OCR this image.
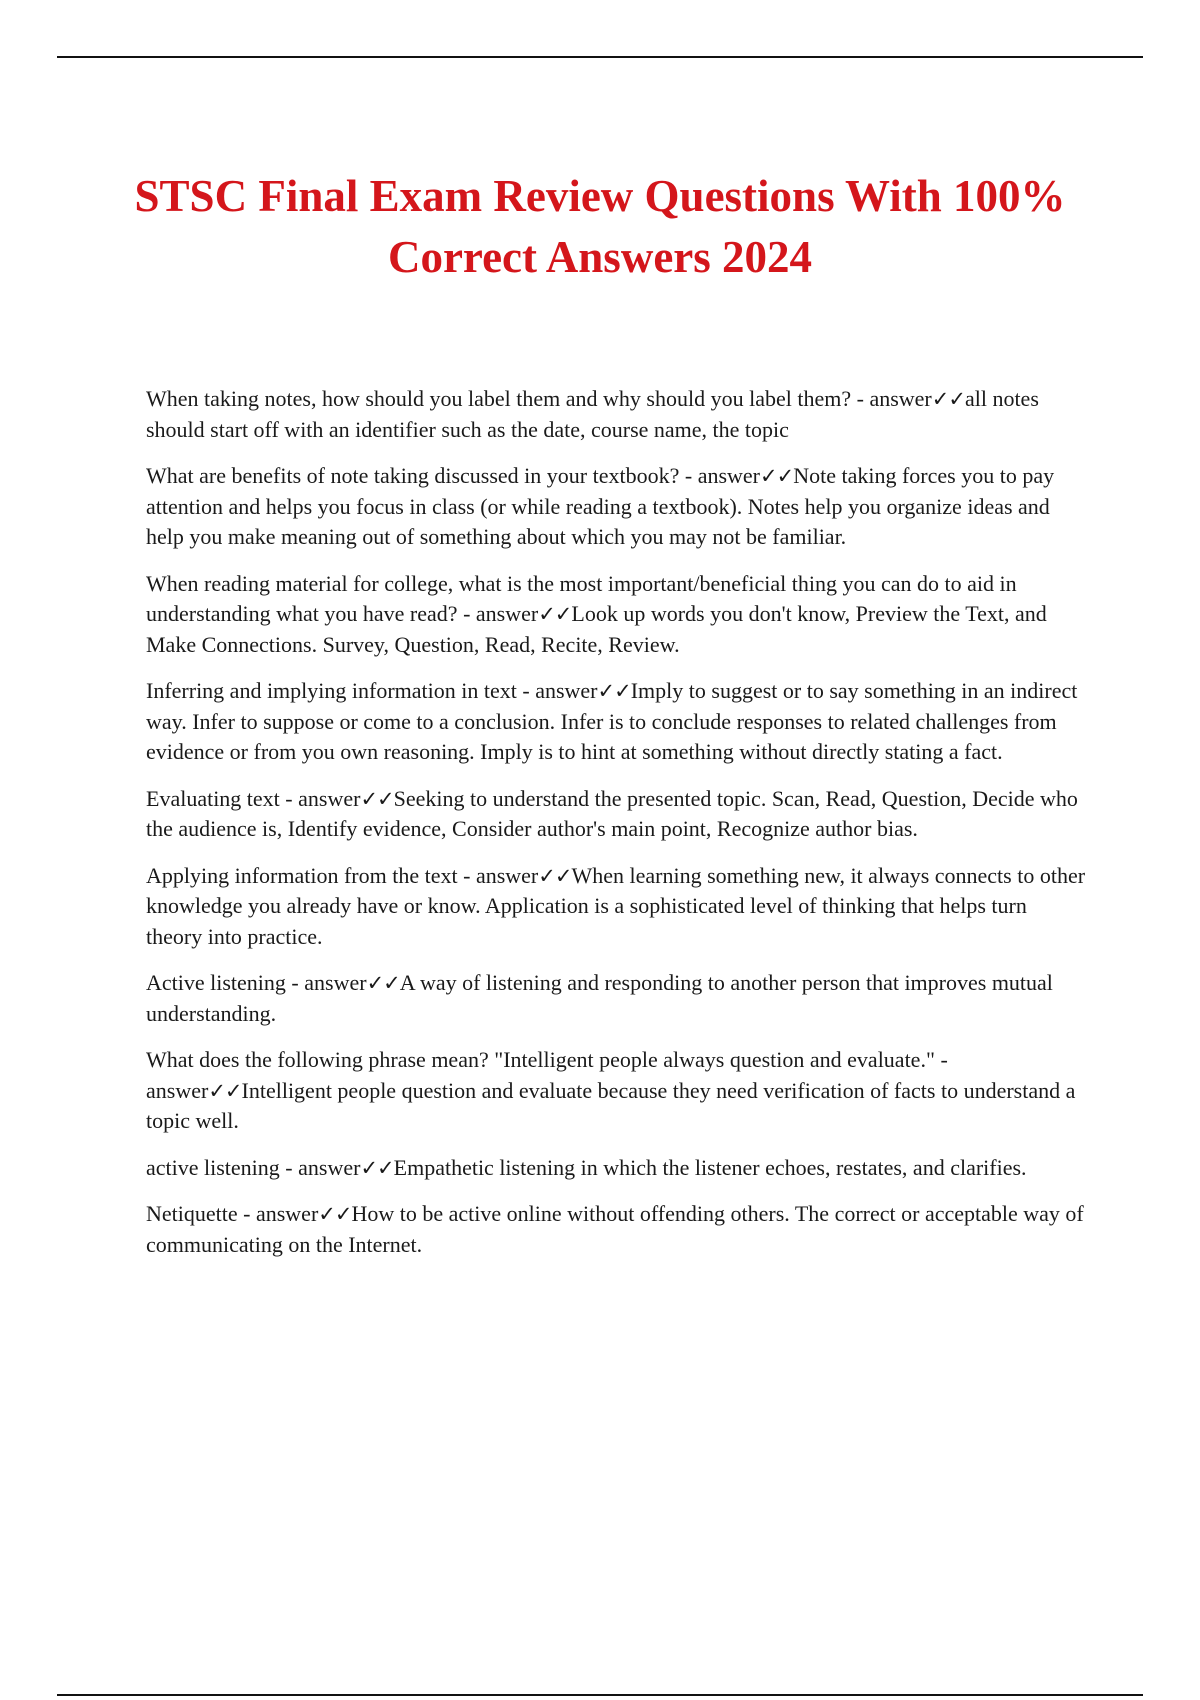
STSC Final Exam Review Questions With 100% Correct Answers 2024
When taking notes, how should you label them and why should you label them? - answer✓✓all notes should start off with an identifier such as the date, course name, the topic
What are benefits of note taking discussed in your textbook? - answer✓✓Note taking forces you to pay attention and helps you focus in class (or while reading a textbook). Notes help you organize ideas and help you make meaning out of something about which you may not be familiar.
When reading material for college, what is the most important/beneficial thing you can do to aid in understanding what you have read? - answer✓✓Look up words you don't know, Preview the Text, and Make Connections. Survey, Question, Read, Recite, Review.
Inferring and implying information in text - answer✓✓Imply to suggest or to say something in an indirect way. Infer to suppose or come to a conclusion. Infer is to conclude responses to related challenges from evidence or from you own reasoning. Imply is to hint at something without directly stating a fact.
Evaluating text - answer✓✓Seeking to understand the presented topic. Scan, Read, Question, Decide who the audience is, Identify evidence, Consider author's main point, Recognize author bias.
Applying information from the text - answer✓✓When learning something new, it always connects to other knowledge you already have or know. Application is a sophisticated level of thinking that helps turn theory into practice.
Active listening - answer✓✓A way of listening and responding to another person that improves mutual understanding.
What does the following phrase mean? "Intelligent people always question and evaluate." - answer✓✓Intelligent people question and evaluate because they need verification of facts to understand a topic well.
active listening - answer✓✓Empathetic listening in which the listener echoes, restates, and clarifies.
Netiquette - answer✓✓How to be active online without offending others. The correct or acceptable way of communicating on the Internet.
